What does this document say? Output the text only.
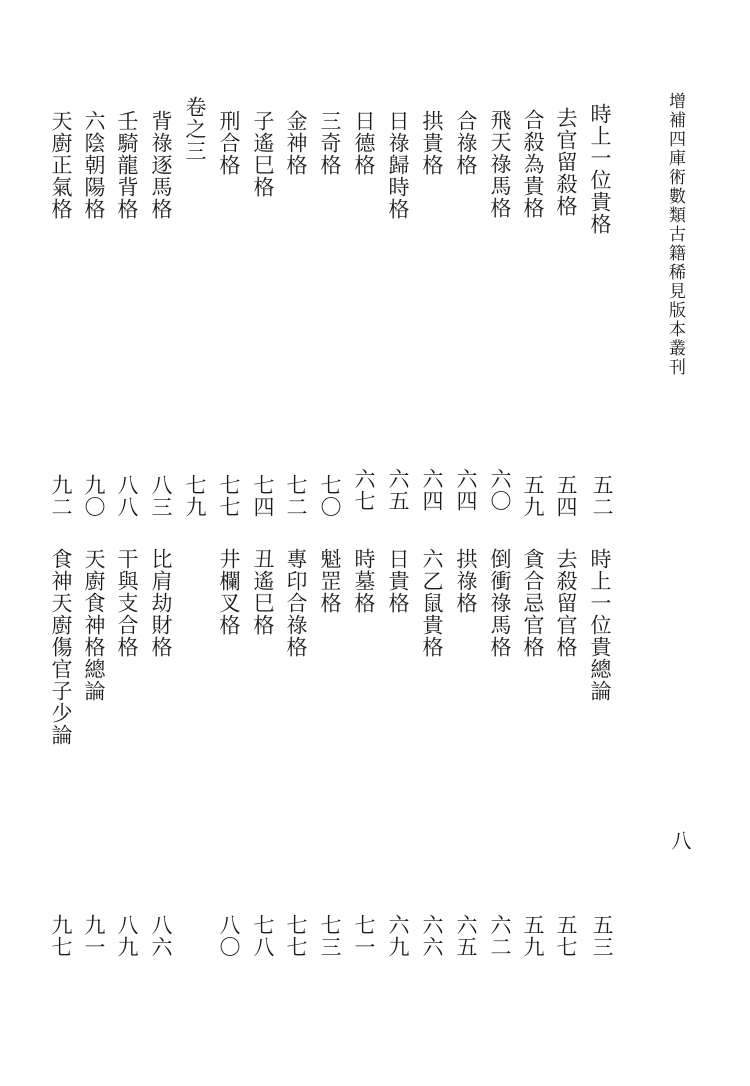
增補四庫術數類古籍稀見版本叢刊
八
時上一位貴格
去官留殺格
合殺為貴格
飛天祿馬格
合祿格
拱貴格
日祿歸時格
日德格
三奇格
金神格
子遙巳格
刑合格
卷之三
背祿逐馬格
壬騎龍背格
六陰朝陽格
天廚正氣格
五二
五四
五九
六〇
六四
六四
六五
六七
七〇
七二
七四
七七
七九
八三
八八
九〇
九二
時上一位貴總論
去殺留官格
貪合忌官格
倒衝祿馬格
拱祿格
六乙鼠貴格
日貴格
時墓格
魁罡格
專印合祿格
丑遙巳格
井欄叉格
比肩劫財格
干與支合格
天廚食神格總論
食神天廚傷官子少論
五三
五七
五九
六二
六五
六六
六九
七一
七三
七七
七八
八〇
八六
八九
九一
九七
